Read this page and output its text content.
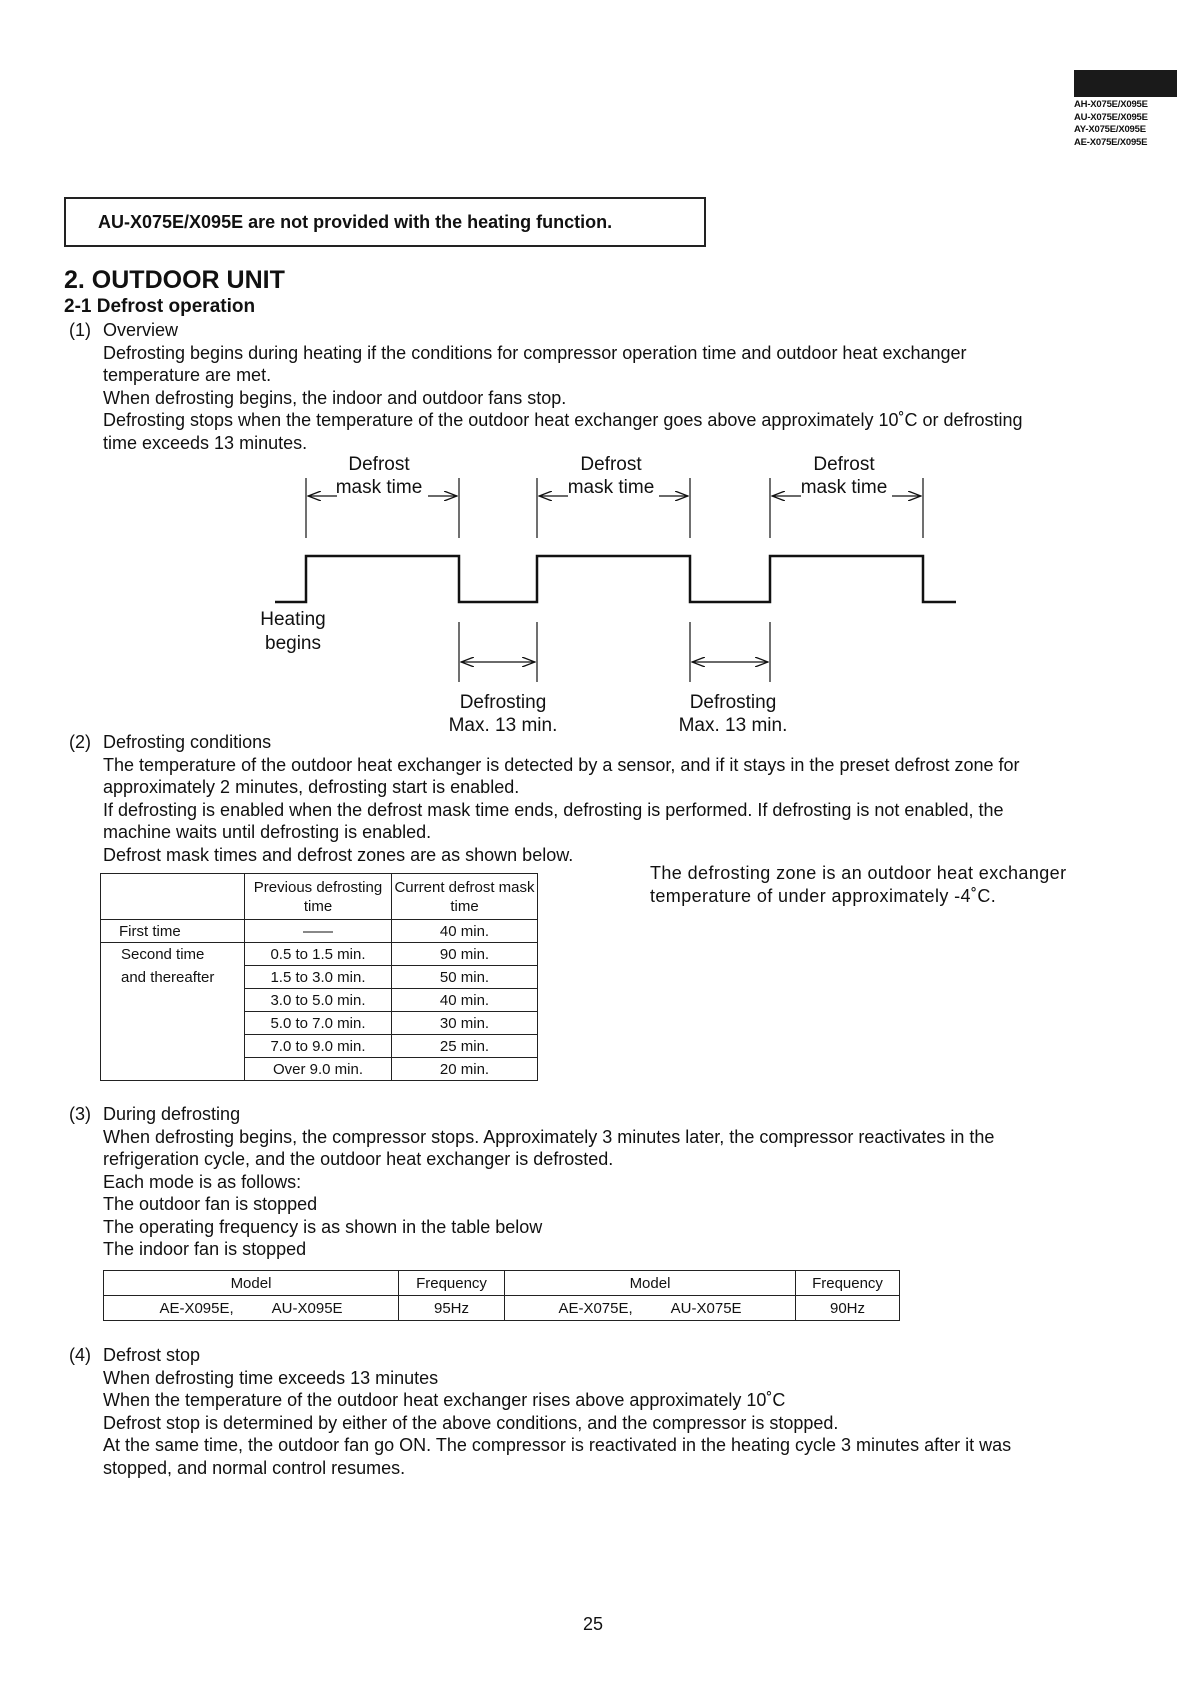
AH-X075E/X095E
AU-X075E/X095E
AY-X075E/X095E
AE-X075E/X095E
AU-X075E/X095E are not provided with the heating function.
2. OUTDOOR UNIT
2-1 Defrost operation
(1) Overview
Defrosting begins during heating if the conditions for compressor operation time and outdoor heat exchanger
temperature are met.
When defrosting begins, the indoor and outdoor fans stop.
Defrosting stops when the temperature of the outdoor heat exchanger goes above approximately 10˚C or defrosting
time exceeds 13 minutes.
Defrost
mask time
Defrost
mask time
Defrost
mask time
Heating
begins
Defrosting
Max. 13 min.
Defrosting
Max. 13 min.
(2) Defrosting conditions
The temperature of the outdoor heat exchanger is detected by a sensor, and if it stays in the preset defrost zone for
approximately 2 minutes, defrosting start is enabled.
If defrosting is enabled when the defrost mask time ends, defrosting is performed. If defrosting is not enabled, the
machine waits until defrosting is enabled.
Defrost mask times and defrost zones are as shown below.
	Previous defrosting time	Current defrost mask time
First time	——	40 min.
Second time	0.5 to 1.5 min.	90 min.
and thereafter	1.5 to 3.0 min.	50 min.
	3.0 to 5.0 min.	40 min.
	5.0 to 7.0 min.	30 min.
	7.0 to 9.0 min.	25 min.
	Over 9.0 min.	20 min.
The defrosting zone is an outdoor heat exchanger temperature of under approximately -4˚C.
(3) During defrosting
When defrosting begins, the compressor stops. Approximately 3 minutes later, the compressor reactivates in the
refrigeration cycle, and the outdoor heat exchanger is defrosted.
Each mode is as follows:
The outdoor fan is stopped
The operating frequency is as shown in the table below
The indoor fan is stopped
Model	Frequency	Model	Frequency
AE-X095E, AU-X095E	95Hz	AE-X075E, AU-X075E	90Hz
(4) Defrost stop
When defrosting time exceeds 13 minutes
When the temperature of the outdoor heat exchanger rises above approximately 10˚C
Defrost stop is determined by either of the above conditions, and the compressor is stopped.
At the same time, the outdoor fan go ON. The compressor is reactivated in the heating cycle 3 minutes after it was
stopped, and normal control resumes.
25
